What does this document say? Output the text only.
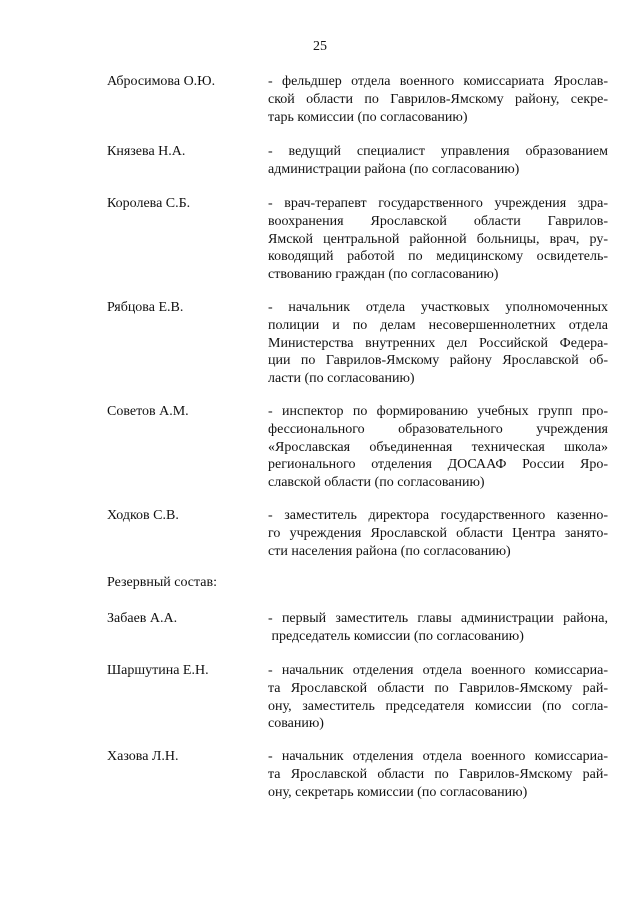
25
Абросимова О.Ю.	- фельдшер отдела военного комиссариата Ярослав-
ской области по Гаврилов-Ямскому району, секре-
тарь комиссии (по согласованию)

Князева Н.А.	- ведущий специалист управления образованием
администрации района (по согласованию)

Королева С.Б.	- врач-терапевт государственного учреждения здра-
воохранения Ярославской области Гаврилов-
Ямской центральной районной больницы, врач, ру-
ководящий работой по медицинскому освидетель-
ствованию граждан (по согласованию)

Рябцова Е.В.	- начальник отдела участковых уполномоченных
полиции и по делам несовершеннолетних отдела
Министерства внутренних дел Российской Федера-
ции по Гаврилов-Ямскому району Ярославской об-
ласти (по согласованию)

Советов А.М.	- инспектор по формированию учебных групп про-
фессионального образовательного учреждения
«Ярославская объединенная техническая школа»
регионального отделения ДОСААФ России Яро-
славской области (по согласованию)

Ходков С.В.	- заместитель директора государственного казенно-
го учреждения Ярославской области Центра занято-
сти населения района (по согласованию)

Резервный состав:
Забаев А.А.	- первый заместитель главы администрации района,
председатель комиссии (по согласованию)

Шаршутина Е.Н.	- начальник отделения отдела военного комиссариа-
та Ярославской области по Гаврилов-Ямскому рай-
ону, заместитель председателя комиссии (по согла-
сованию)

Хазова Л.Н.	- начальник отделения отдела военного комиссариа-
та Ярославской области по Гаврилов-Ямскому рай-
ону, секретарь комиссии (по согласованию)
